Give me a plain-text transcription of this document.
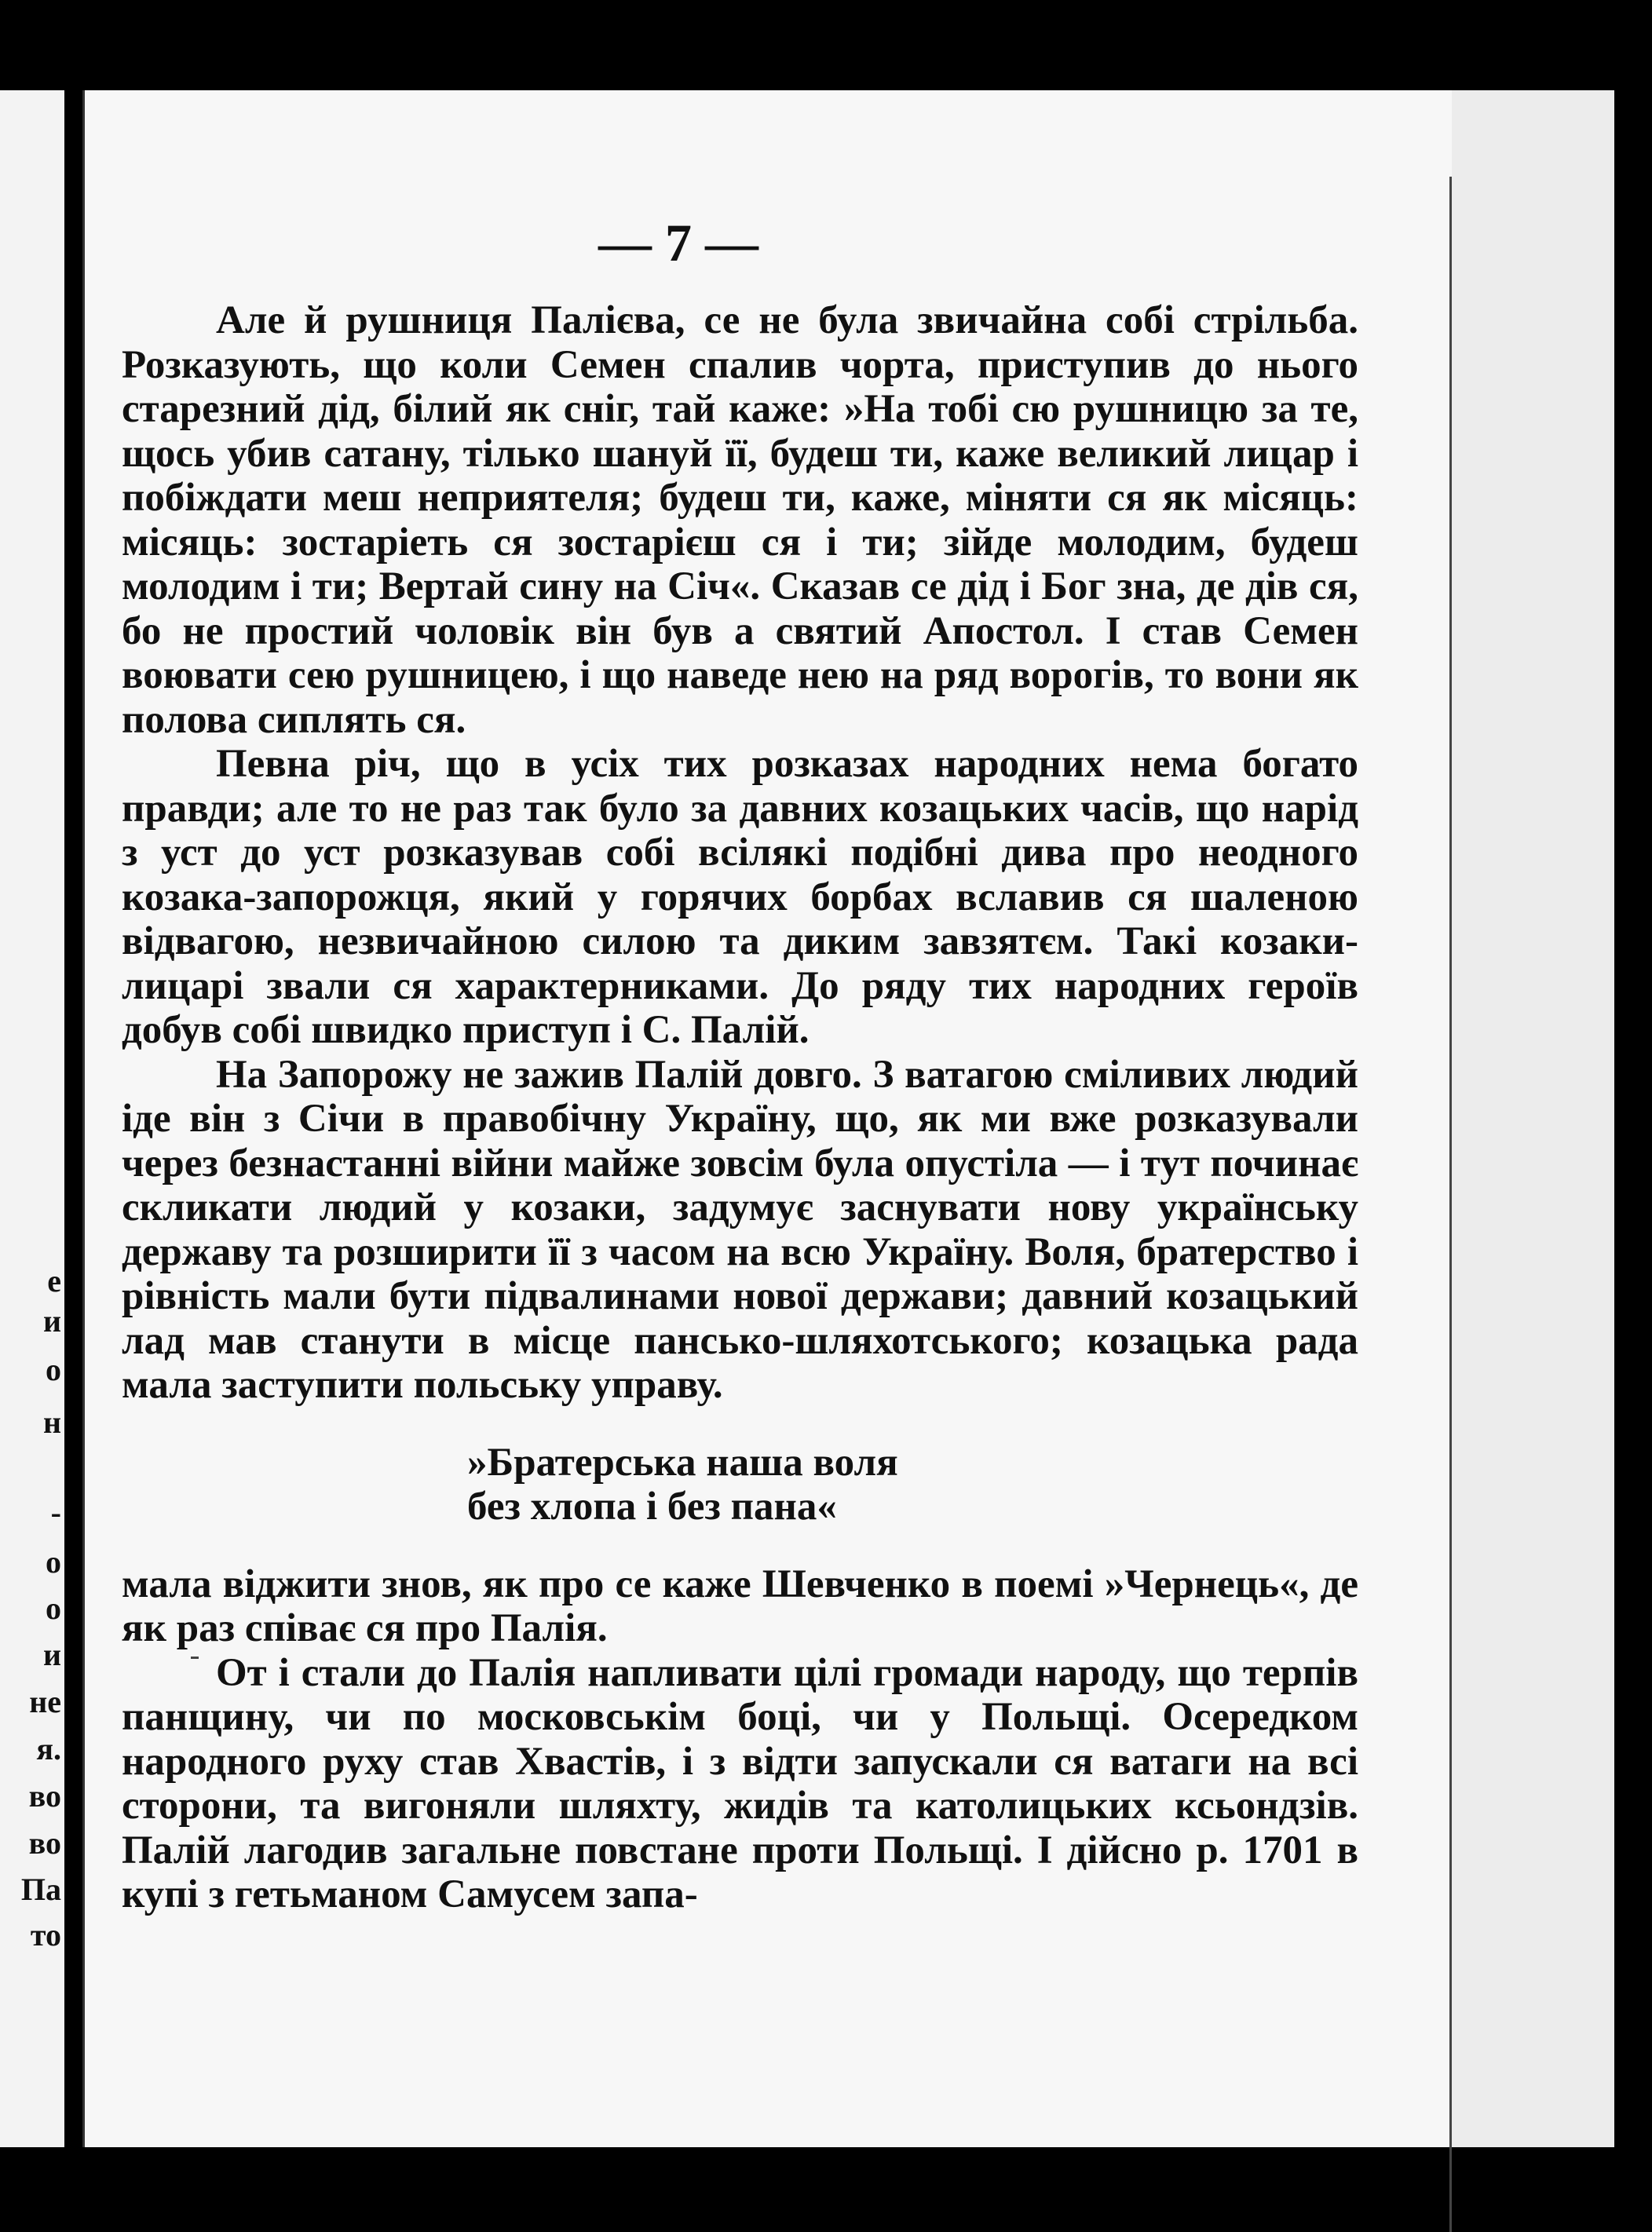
е
и
о
н
-
о
о
и
не
я.
во
во
Па
то
— 7 —

Але й рушниця Палієва, се не була звичайна собі стрільба. Розказують, що коли Семен спалив чорта, приступив до нього старезний дід, білий як сніг, тай каже: »На тобі сю рушницю за те, щось убив сатану, тілько шануй її, будеш ти, каже великий лицар і побіждати меш неприятеля; будеш ти, каже, міняти ся як місяць: місяць: зостаріеть ся зостарієш ся і ти; зійде молодим, будеш молодим і ти; Вертай сину на Січ«. Сказав се дід і Бог зна, де дів ся, бо не простий чоловік він був а святий Апостол. І став Семен воювати сею рушницею, і що наведе нею на ряд ворогів, то вони як полова сиплять ся.

Певна річ, що в усіх тих розказах народних нема богато правди; але то не раз так було за давних козацьких часів, що нарід з уст до уст розказував собі всілякі подібні дива про неодного козака-запорожця, який у горячих борбах вславив ся шаленою відвагою, незвичайною силою та диким завзятєм. Такі козаки-лицарі звали ся характерниками. До ряду тих народних героїв добув собі швидко приступ і С. Палій.

На Запорожу не зажив Палій довго. З ватагою сміливих людий іде він з Січи в правобічну Україну, що, як ми вже розказували через безнастанні війни майже зовсім була опустіла — і тут починає скликати людий у козаки, задумує заснувати нову українську державу та розширити її з часом на всю Україну. Воля, братерство і рівність мали бути підвалинами нової держави; давний козацький лад мав станути в місце панcько-шляхотського; козацька рада мала заступити польську управу.

»Братерська наша воля
без хлопа і без пана«

мала віджити знов, як про се каже Шевченко в поемі »Чернець«, де як раз співає ся про Палія.

От і стали до Палія напливати цілі громади народу, що терпів панщину, чи по московськім боці, чи у Польщі. Осередком народного руху став Хвастів, і з відти запускали ся ватаги на всі сторони, та вигоняли шляхту, жидів та католицьких ксьондзів. Палій лагодив загальне повстане проти Польщі. І дійсно р. 1701 в купі з гетьманом Самусем запа-
